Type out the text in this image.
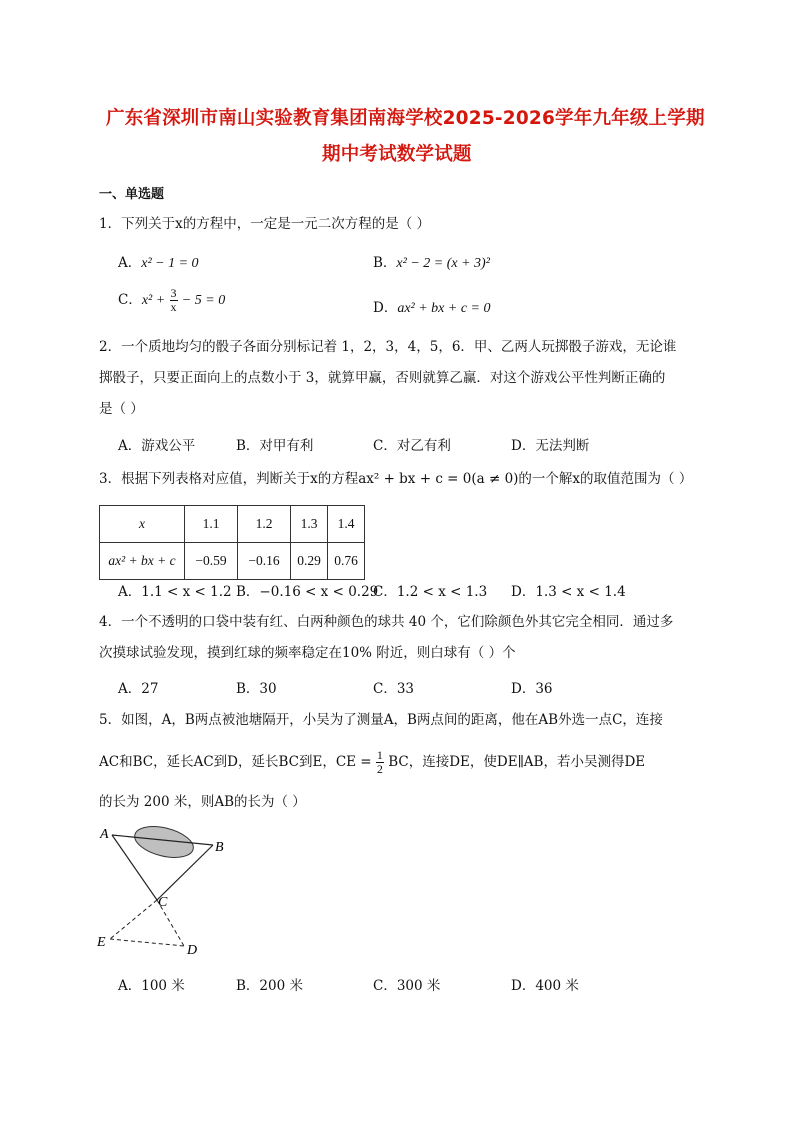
广东省深圳市南山实验教育集团南海学校2025-2026学年九年级上学期
期中考试数学试题
一、单选题
1．下列关于x的方程中，一定是一元二次方程的是（ ）
A．x² − 1 = 0	B．x² − 2 = (x + 3)²
C．$x^2 + \frac{3}{x} - 5 = 0$	D．ax² + bx + c = 0
2．一个质地均匀的骰子各面分别标记着 1，2，3，4，5，6．甲、乙两人玩掷骰子游戏，无论谁
掷骰子，只要正面向上的点数小于 3，就算甲赢，否则就算乙赢．对这个游戏公平性判断正确的
是（ ）
A．游戏公平	B．对甲有利	C．对乙有利	D．无法判断
3．根据下列表格对应值，判断关于x的方程ax² + bx + c = 0(a ≠ 0)的一个解x的取值范围为（ ）
x	1.1	1.2	1.3	1.4
ax² + bx + c	−0.59	−0.16	0.29	0.76
A．1.1 < x < 1.2 B．−0.16 < x < 0.29
C．1.2 < x < 1.3 D．1.3 < x < 1.4
4．一个不透明的口袋中装有红、白两种颜色的球共 40 个，它们除颜色外其它完全相同．通过多
次摸球试验发现，摸到红球的频率稳定在10% 附近，则白球有（ ）个
A．27	B．30	C．33	D．36
5．如图，A，B两点被池塘隔开，小吴为了测量A，B两点间的距离，他在AB外选一点C，连接
AC和BC，延长AC到D，延长BC到E，CE = $\frac{1}{2}$ BC，连接DE，使DE∥AB，若小吴测得DE
的长为 200 米，则AB的长为（ ）
A
B
C
D
E
A．100 米	B．200 米	C．300 米	D．400 米
